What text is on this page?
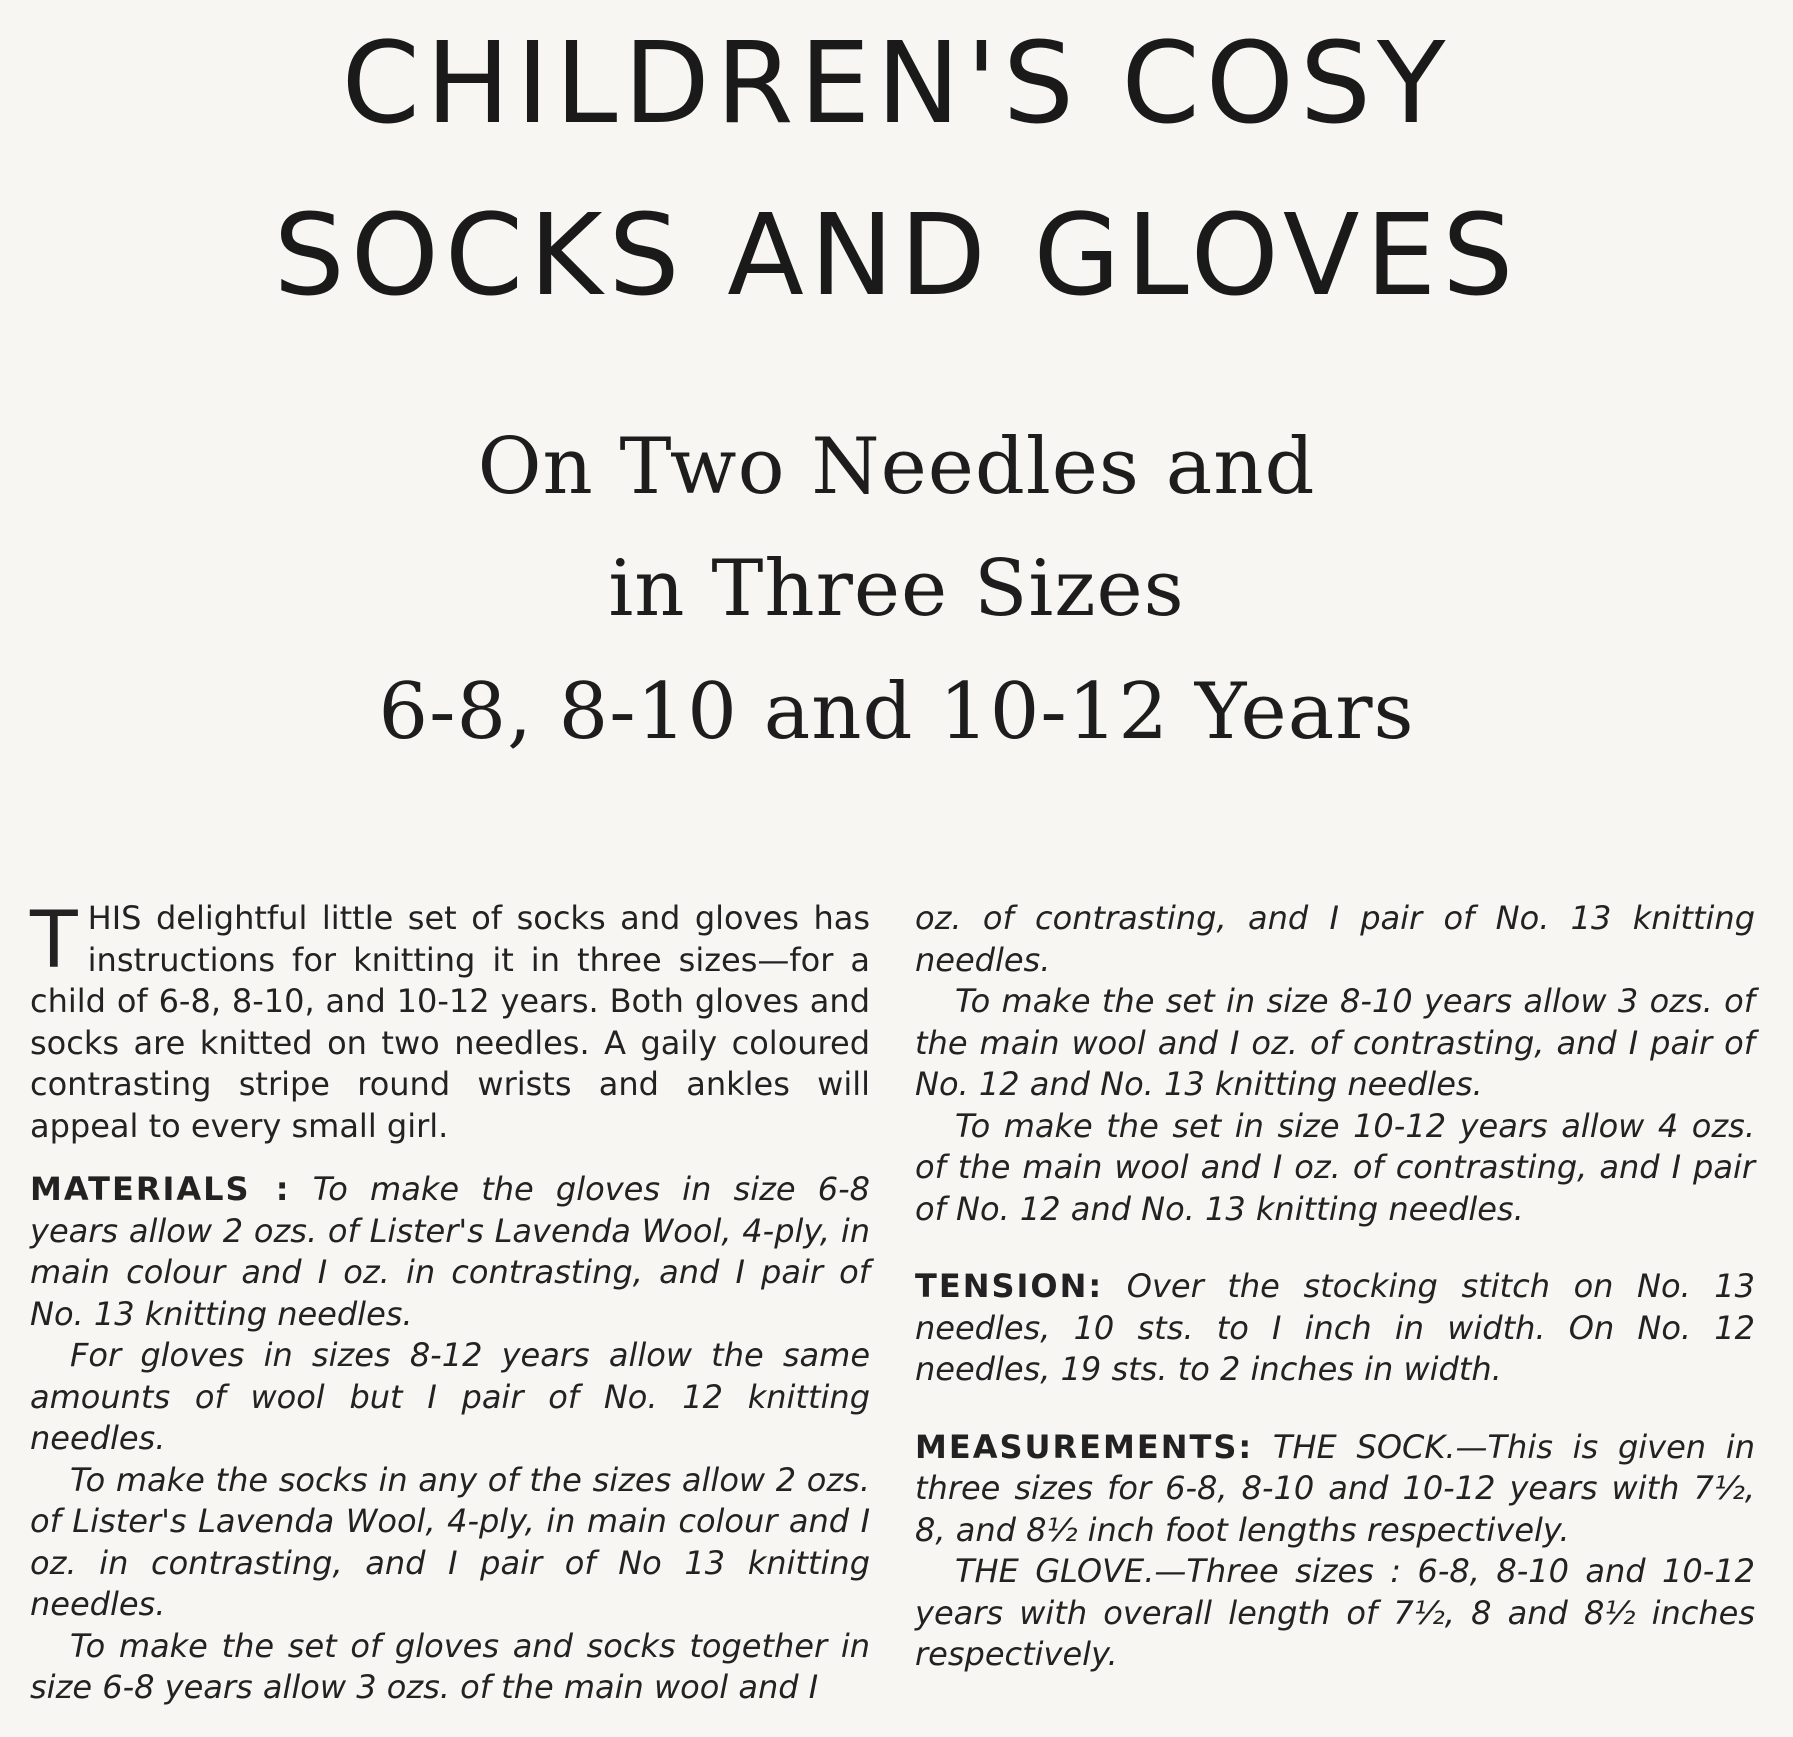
CHILDREN'S COSY
SOCKS AND GLOVES
On Two Needles and
in Three Sizes
6-8, 8-10 and 10-12 Years

THIS delightful little set of socks and gloves has instructions for knitting it in three sizes—for a child of 6-8, 8-10, and 10-12 years. Both gloves and socks are knitted on two needles. A gaily coloured contrasting stripe round wrists and ankles will appeal to every small girl.

MATERIALS : To make the gloves in size 6-8 years allow 2 ozs. of Lister's Lavenda Wool, 4-ply, in main colour and I oz. in contrasting, and I pair of No. 13 knitting needles.

For gloves in sizes 8-12 years allow the same amounts of wool but I pair of No. 12 knitting needles.

To make the socks in any of the sizes allow 2 ozs. of Lister's Lavenda Wool, 4-ply, in main colour and I oz. in contrasting, and I pair of No 13 knitting needles.

To make the set of gloves and socks together in size 6-8 years allow 3 ozs. of the main wool and I

oz. of contrasting, and I pair of No. 13 knitting needles.

To make the set in size 8-10 years allow 3 ozs. of the main wool and I oz. of contrasting, and I pair of No. 12 and No. 13 knitting needles.

To make the set in size 10-12 years allow 4 ozs. of the main wool and I oz. of contrasting, and I pair of No. 12 and No. 13 knitting needles.

TENSION: Over the stocking stitch on No. 13 needles, 10 sts. to I inch in width. On No. 12 needles, 19 sts. to 2 inches in width.

MEASUREMENTS: THE SOCK.—This is given in three sizes for 6-8, 8-10 and 10-12 years with 7½, 8, and 8½ inch foot lengths respectively.

THE GLOVE.—Three sizes : 6-8, 8-10 and 10-12 years with overall length of 7½, 8 and 8½ inches respectively.
